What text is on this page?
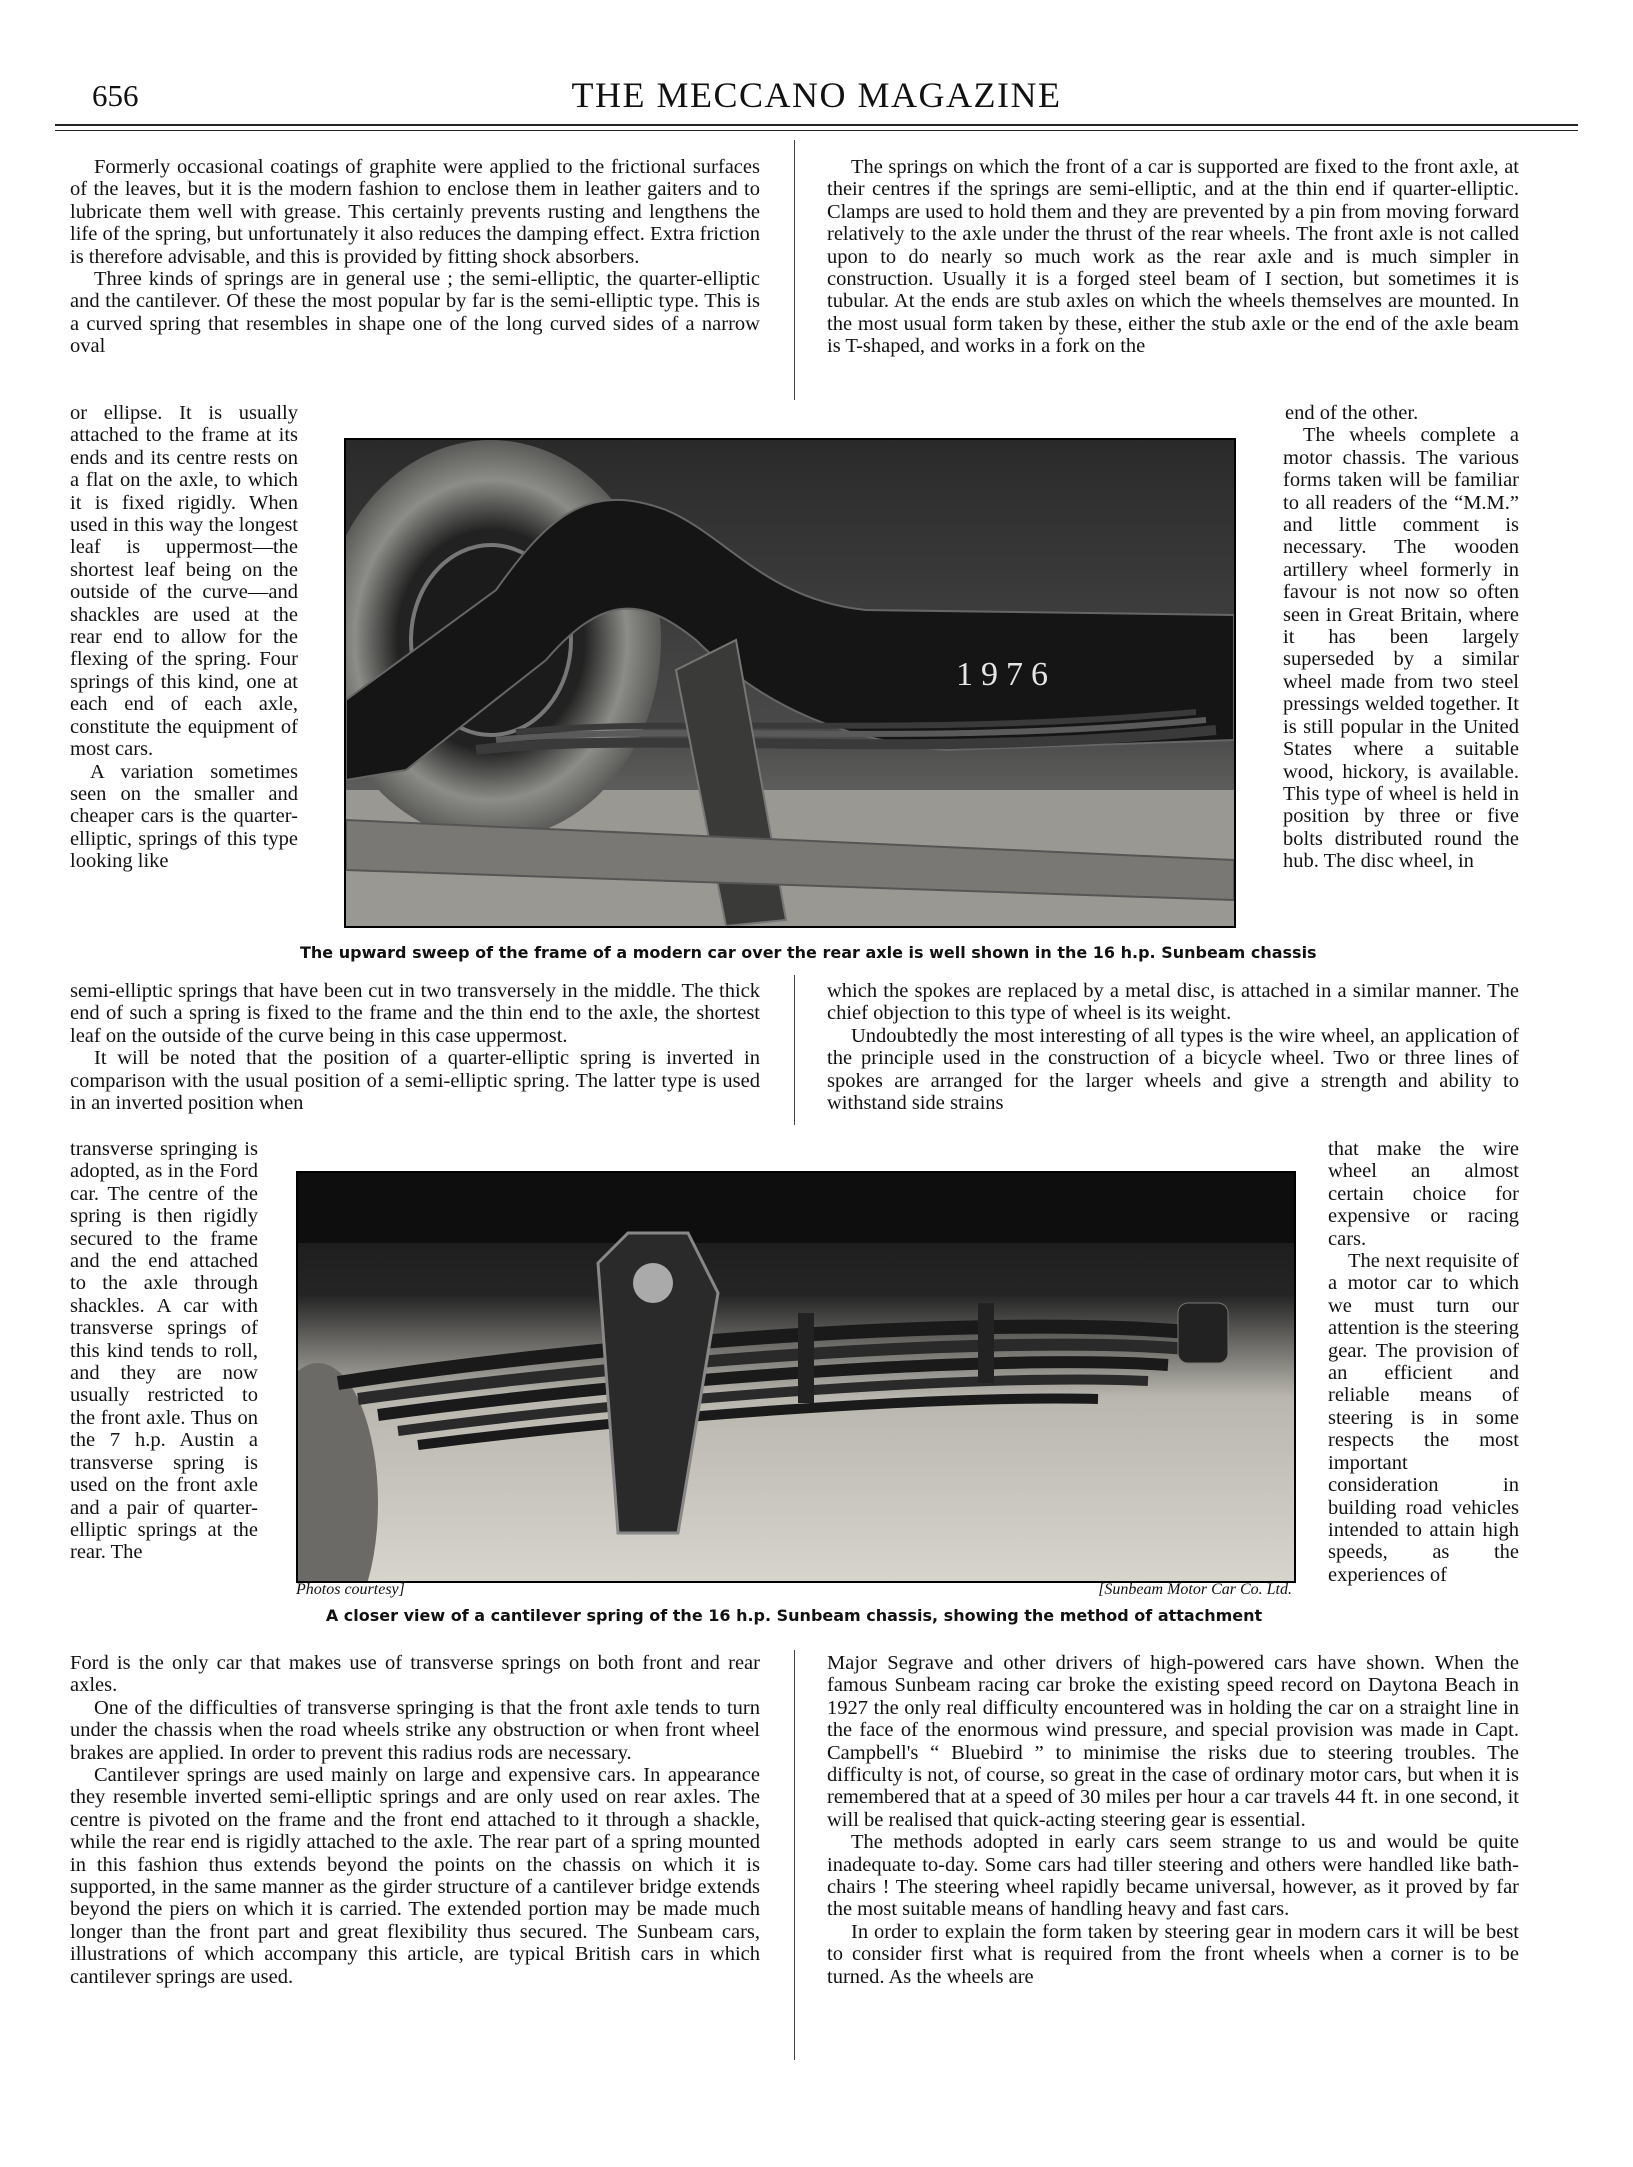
656	THE MECCANO MAGAZINE

Formerly occasional coatings of graphite were applied to the frictional surfaces of the leaves, but it is the modern fashion to enclose them in leather gaiters and to lubricate them well with grease. This certainly prevents rusting and lengthens the life of the spring, but unfortunately it also reduces the damping effect. Extra friction is therefore advisable, and this is provided by fitting shock absorbers.

Three kinds of springs are in general use ; the semi-elliptic, the quarter-elliptic and the cantilever. Of these the most popular by far is the semi-elliptic type. This is a curved spring that resembles in shape one of the long curved sides of a narrow oval

or ellipse. It is usually attached to the frame at its ends and its centre rests on a flat on the axle, to which it is fixed rigidly. When used in this way the longest leaf is uppermost—the shortest leaf being on the outside of the curve—and shackles are used at the rear end to allow for the flexing of the spring. Four springs of this kind, one at each end of each axle, constitute the equipment of most cars.

A variation sometimes seen on the smaller and cheaper cars is the quarter-elliptic, springs of this type looking like

semi-elliptic springs that have been cut in two transversely in the middle. The thick end of such a spring is fixed to the frame and the thin end to the axle, the shortest leaf on the outside of the curve being in this case uppermost.

It will be noted that the position of a quarter-elliptic spring is inverted in comparison with the usual position of a semi-elliptic spring. The latter type is used in an inverted position when

transverse springing is adopted, as in the Ford car. The centre of the spring is then rigidly secured to the frame and the end attached to the axle through shackles. A car with transverse springs of this kind tends to roll, and they are now usually restricted to the front axle. Thus on the 7 h.p. Austin a transverse spring is used on the front axle and a pair of quarter-elliptic springs at the rear. The

Ford is the only car that makes use of transverse springs on both front and rear axles.

One of the difficulties of transverse springing is that the front axle tends to turn under the chassis when the road wheels strike any obstruction or when front wheel brakes are applied. In order to prevent this radius rods are necessary.

Cantilever springs are used mainly on large and expensive cars. In appearance they resemble inverted semi-elliptic springs and are only used on rear axles. The centre is pivoted on the frame and the front end attached to it through a shackle, while the rear end is rigidly attached to the axle. The rear part of a spring mounted in this fashion thus extends beyond the points on the chassis on which it is supported, in the same manner as the girder structure of a cantilever bridge extends beyond the piers on which it is carried. The extended portion may be made much longer than the front part and great flexibility thus secured. The Sunbeam cars, illustrations of which accompany this article, are typical British cars in which cantilever springs are used.

The springs on which the front of a car is supported are fixed to the front axle, at their centres if the springs are semi-elliptic, and at the thin end if quarter-elliptic. Clamps are used to hold them and they are prevented by a pin from moving forward relatively to the axle under the thrust of the rear wheels. The front axle is not called upon to do nearly so much work as the rear axle and is much simpler in construction. Usually it is a forged steel beam of I section, but sometimes it is tubular. At the ends are stub axles on which the wheels themselves are mounted. In the most usual form taken by these, either the stub axle or the end of the axle beam is T-shaped, and works in a fork on the

end of the other.

The wheels complete a motor chassis. The various forms taken will be familiar to all readers of the “M.M.” and little comment is necessary. The wooden artillery wheel formerly in favour is not now so often seen in Great Britain, where it has been largely superseded by a similar wheel made from two steel pressings welded together. It is still popular in the United States where a suitable wood, hickory, is available. This type of wheel is held in position by three or five bolts distributed round the hub. The disc wheel, in

which the spokes are replaced by a metal disc, is attached in a similar manner. The chief objection to this type of wheel is its weight.

Undoubtedly the most interesting of all types is the wire wheel, an application of the principle used in the construction of a bicycle wheel. Two or three lines of spokes are arranged for the larger wheels and give a strength and ability to withstand side strains

that make the wire wheel an almost certain choice for expensive or racing cars.

The next requisite of a motor car to which we must turn our attention is the steering gear. The provision of an efficient and reliable means of steering is in some respects the most important consideration in building road vehicles intended to attain high speeds, as the experiences of

Major Segrave and other drivers of high-powered cars have shown. When the famous Sunbeam racing car broke the existing speed record on Daytona Beach in 1927 the only real difficulty encountered was in holding the car on a straight line in the face of the enormous wind pressure, and special provision was made in Capt. Campbell's “ Bluebird ” to minimise the risks due to steering troubles. The difficulty is not, of course, so great in the case of ordinary motor cars, but when it is remembered that at a speed of 30 miles per hour a car travels 44 ft. in one second, it will be realised that quick-acting steering gear is essential.

The methods adopted in early cars seem strange to us and would be quite inadequate to-day. Some cars had tiller steering and others were handled like bath-chairs ! The steering wheel rapidly became universal, however, as it proved by far the most suitable means of handling heavy and fast cars.

In order to explain the form taken by steering gear in modern cars it will be best to consider first what is required from the front wheels when a corner is to be turned. As the wheels are

1976
The upward sweep of the frame of a modern car over the rear axle is well shown in the 16 h.p. Sunbeam chassis
Photos courtesy]	[Sunbeam Motor Car Co. Ltd.
A closer view of a cantilever spring of the 16 h.p. Sunbeam chassis, showing the method of attachment
